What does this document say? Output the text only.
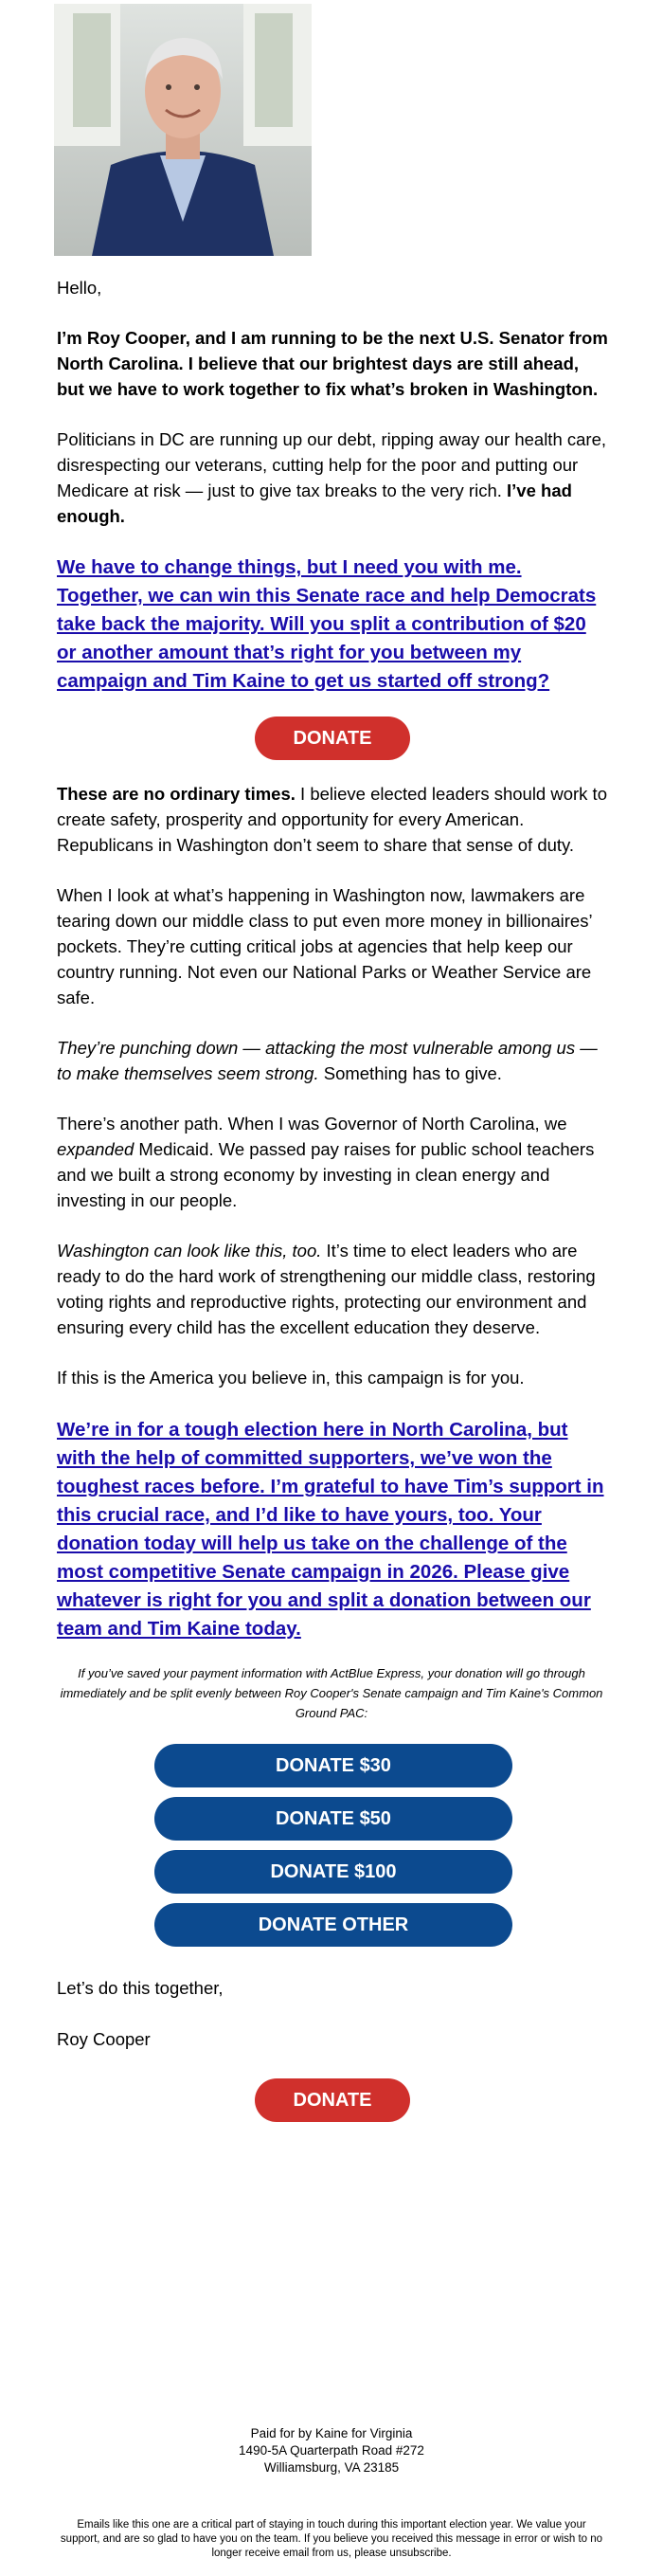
Hello,

I’m Roy Cooper, and I am running to be the next U.S. Senator from North Carolina. I believe that our brightest days are still ahead, but we have to work together to fix what’s broken in Washington.

Politicians in DC are running up our debt, ripping away our health care, disrespecting our veterans, cutting help for the poor and putting our Medicare at risk — just to give tax breaks to the very rich. I’ve had enough.

We have to change things, but I need you with me. Together, we can win this Senate race and help Democrats take back the majority. Will you split a contribution of $20 or another amount that’s right for you between my campaign and Tim Kaine to get us started off strong?

DONATE

These are no ordinary times. I believe elected leaders should work to create safety, prosperity and opportunity for every American. Republicans in Washington don’t seem to share that sense of duty.

When I look at what’s happening in Washington now, lawmakers are tearing down our middle class to put even more money in billionaires’ pockets. They’re cutting critical jobs at agencies that help keep our country running. Not even our National Parks or Weather Service are safe.

They’re punching down — attacking the most vulnerable among us — to make themselves seem strong. Something has to give.

There’s another path. When I was Governor of North Carolina, we expanded Medicaid. We passed pay raises for public school teachers and we built a strong economy by investing in clean energy and investing in our people.

Washington can look like this, too. It’s time to elect leaders who are ready to do the hard work of strengthening our middle class, restoring voting rights and reproductive rights, protecting our environment and ensuring every child has the excellent education they deserve.

If this is the America you believe in, this campaign is for you.

We’re in for a tough election here in North Carolina, but with the help of committed supporters, we’ve won the toughest races before. I’m grateful to have Tim’s support in this crucial race, and I’d like to have yours, too. Your donation today will help us take on the challenge of the most competitive Senate campaign in 2026. Please give whatever is right for you and split a donation between our team and Tim Kaine today.

If you’ve saved your payment information with ActBlue Express, your donation will go through immediately and be split evenly between Roy Cooper's Senate campaign and Tim Kaine's Common Ground PAC:
DONATE $30
DONATE $50
DONATE $100
DONATE OTHER

Let’s do this together,

Roy Cooper

DONATE
Paid for by Kaine for Virginia
1490-5A Quarterpath Road #272
Williamsburg, VA 23185
Emails like this one are a critical part of staying in touch during this important election year. We value your support, and are so glad to have you on the team. If you believe you received this message in error or wish to no longer receive email from us, please unsubscribe.
